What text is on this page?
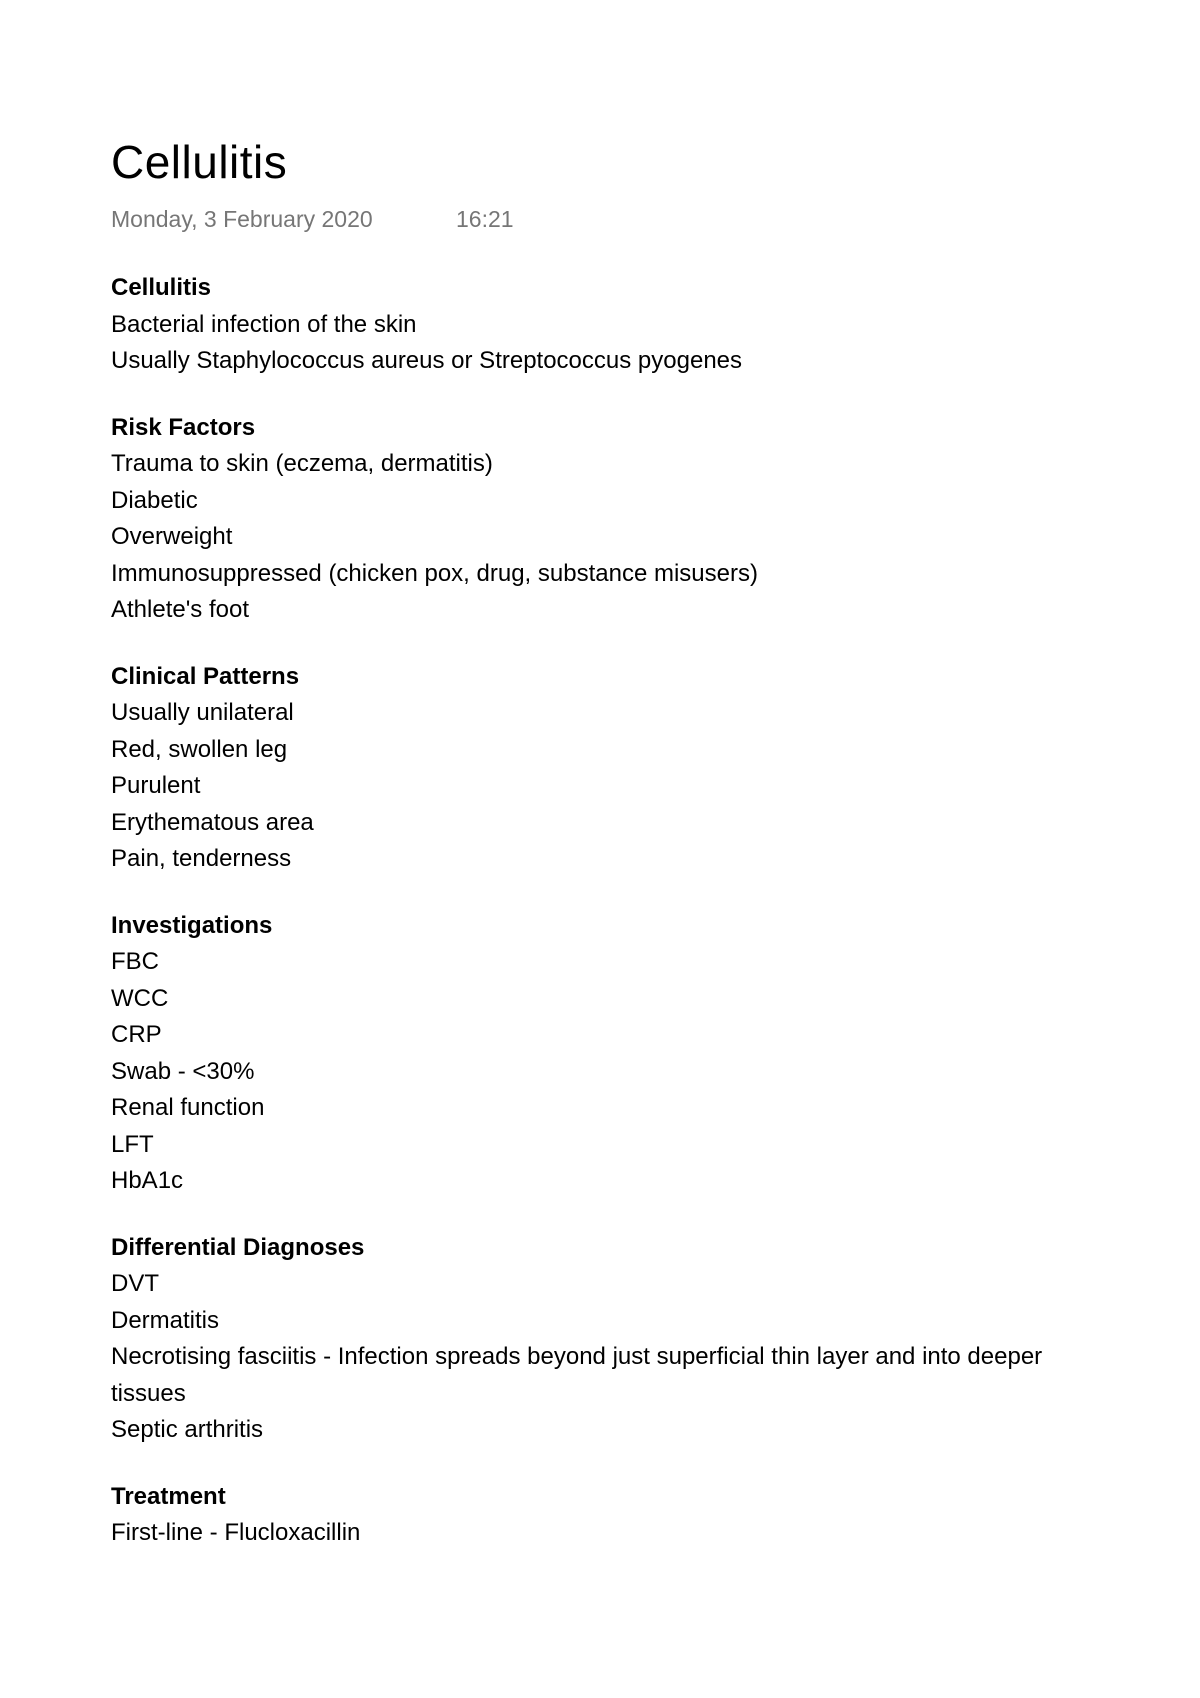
Cellulitis
Monday, 3 February 2020	16:21

Cellulitis

Bacterial infection of the skin

Usually Staphylococcus aureus or Streptococcus pyogenes

Risk Factors

Trauma to skin (eczema, dermatitis)

Diabetic

Overweight

Immunosuppressed (chicken pox, drug, substance misusers)

Athlete's foot

Clinical Patterns

Usually unilateral

Red, swollen leg

Purulent

Erythematous area

Pain, tenderness

Investigations

FBC

WCC

CRP

Swab - <30%

Renal function

LFT

HbA1c

Differential Diagnoses

DVT

Dermatitis

Necrotising fasciitis - Infection spreads beyond just superficial thin layer and into deeper tissues

Septic arthritis

Treatment

First-line - Flucloxacillin
